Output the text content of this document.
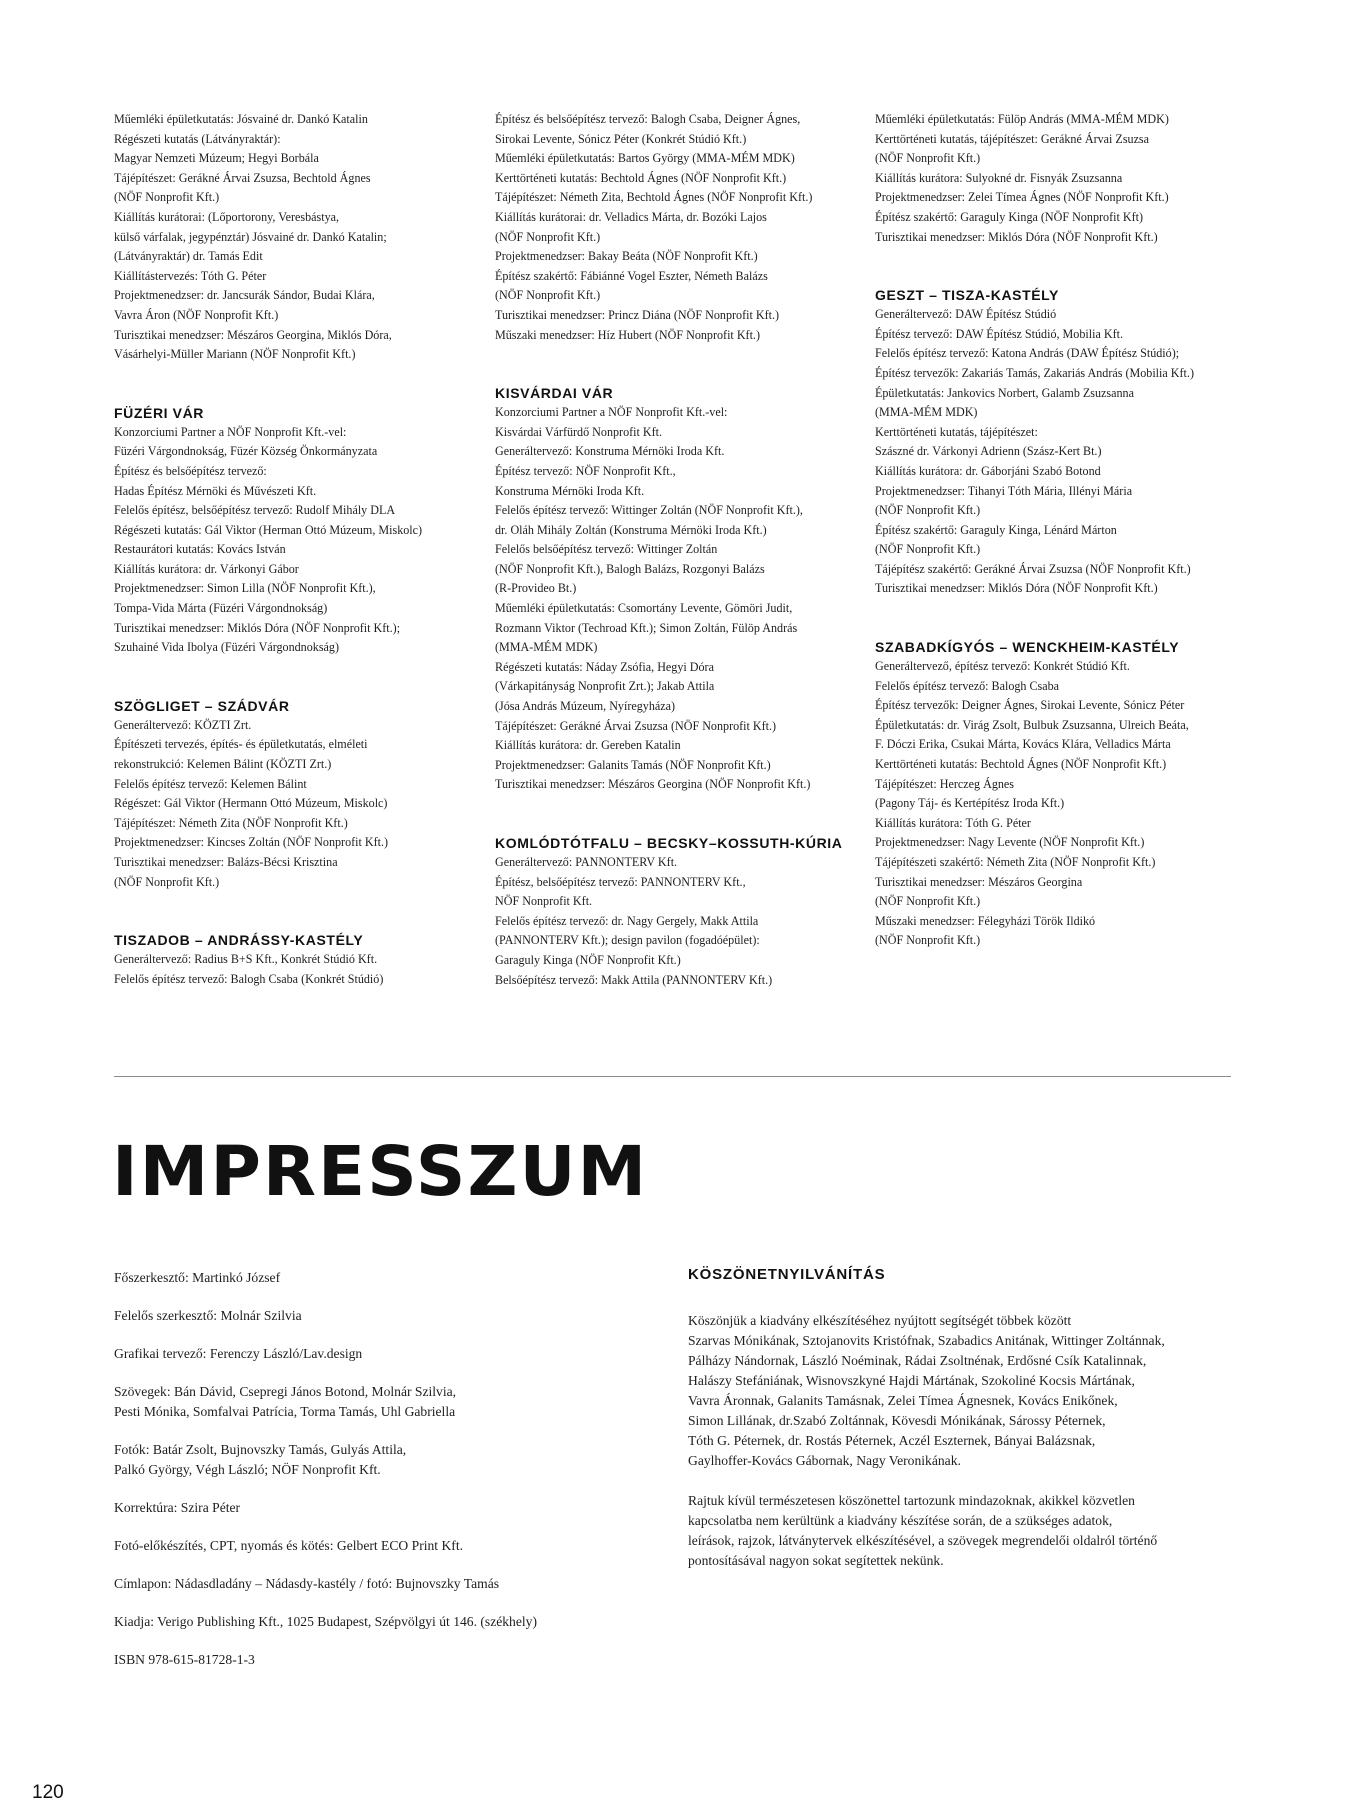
Műemléki épületkutatás: Jósvainé dr. Dankó Katalin
Régészeti kutatás (Látványraktár):
Magyar Nemzeti Múzeum; Hegyi Borbála
Tájépítészet: Gerákné Árvai Zsuzsa, Bechtold Ágnes
(NÖF Nonprofit Kft.)
Kiállítás kurátorai: (Lőportorony, Veresbástya,
külső várfalak, jegypénztár) Jósvainé dr. Dankó Katalin;
(Látványraktár) dr. Tamás Edit
Kiállítástervezés: Tóth G. Péter
Projektmenedzser: dr. Jancsurák Sándor, Budai Klára,
Vavra Áron (NÖF Nonprofit Kft.)
Turisztikai menedzser: Mészáros Georgina, Miklós Dóra,
Vásárhelyi-Müller Mariann (NÖF Nonprofit Kft.)
FÜZÉRI VÁR
Konzorciumi Partner a NÖF Nonprofit Kft.-vel:
Füzéri Várgondnokság, Füzér Község Önkormányzata
Építész és belsőépítész tervező:
Hadas Építész Mérnöki és Művészeti Kft.
Felelős építész, belsőépítész tervező: Rudolf Mihály DLA
Régészeti kutatás: Gál Viktor (Herman Ottó Múzeum, Miskolc)
Restaurátori kutatás: Kovács István
Kiállítás kurátora: dr. Várkonyi Gábor
Projektmenedzser: Simon Lilla (NÖF Nonprofit Kft.),
Tompa-Vida Márta (Füzéri Várgondnokság)
Turisztikai menedzser: Miklós Dóra (NÖF Nonprofit Kft.);
Szuhainé Vida Ibolya (Füzéri Várgondnokság)
SZÖGLIGET – SZÁDVÁR
Generáltervező: KÖZTI Zrt.
Építészeti tervezés, építés- és épületkutatás, elméleti
rekonstrukció: Kelemen Bálint (KÖZTI Zrt.)
Felelős építész tervező: Kelemen Bálint
Régészet: Gál Viktor (Hermann Ottó Múzeum, Miskolc)
Tájépítészet: Németh Zita (NÖF Nonprofit Kft.)
Projektmenedzser: Kincses Zoltán (NÖF Nonprofit Kft.)
Turisztikai menedzser: Balázs-Bécsi Krisztina
(NÖF Nonprofit Kft.)
TISZADOB – ANDRÁSSY-KASTÉLY
Generáltervező: Radius B+S Kft., Konkrét Stúdió Kft.
Felelős építész tervező: Balogh Csaba (Konkrét Stúdió)
Építész és belsőépítész tervező: Balogh Csaba, Deigner Ágnes,
Sirokai Levente, Sónicz Péter (Konkrét Stúdió Kft.)
Műemléki épületkutatás: Bartos György (MMA-MÉM MDK)
Kerttörténeti kutatás: Bechtold Ágnes (NÖF Nonprofit Kft.)
Tájépítészet: Németh Zita, Bechtold Ágnes (NÖF Nonprofit Kft.)
Kiállítás kurátorai: dr. Velladics Márta, dr. Bozóki Lajos
(NÖF Nonprofit Kft.)
Projektmenedzser: Bakay Beáta (NÖF Nonprofit Kft.)
Építész szakértő: Fábiánné Vogel Eszter, Németh Balázs
(NÖF Nonprofit Kft.)
Turisztikai menedzser: Princz Diána (NÖF Nonprofit Kft.)
Műszaki menedzser: Híz Hubert (NÖF Nonprofit Kft.)
KISVÁRDAI VÁR
Konzorciumi Partner a NÖF Nonprofit Kft.-vel:
Kisvárdai Várfürdő Nonprofit Kft.
Generáltervező: Konstruma Mérnöki Iroda Kft.
Építész tervező: NÖF Nonprofit Kft.,
Konstruma Mérnöki Iroda Kft.
Felelős építész tervező: Wittinger Zoltán (NÖF Nonprofit Kft.),
dr. Oláh Mihály Zoltán (Konstruma Mérnöki Iroda Kft.)
Felelős belsőépítész tervező: Wittinger Zoltán
(NÖF Nonprofit Kft.), Balogh Balázs, Rozgonyi Balázs
(R-Provideo Bt.)
Műemléki épületkutatás: Csomortány Levente, Gömöri Judit,
Rozmann Viktor (Techroad Kft.); Simon Zoltán, Fülöp András
(MMA-MÉM MDK)
Régészeti kutatás: Náday Zsófia, Hegyi Dóra
(Várkapitányság Nonprofit Zrt.); Jakab Attila
(Jósa András Múzeum, Nyíregyháza)
Tájépítészet: Gerákné Árvai Zsuzsa (NÖF Nonprofit Kft.)
Kiállítás kurátora: dr. Gereben Katalin
Projektmenedzser: Galanits Tamás (NÖF Nonprofit Kft.)
Turisztikai menedzser: Mészáros Georgina (NÖF Nonprofit Kft.)
KOMLÓDTÓTFALU – BECSKY–KOSSUTH-KÚRIA
Generáltervező: PANNONTERV Kft.
Építész, belsőépítész tervező: PANNONTERV Kft.,
NÖF Nonprofit Kft.
Felelős építész tervező: dr. Nagy Gergely, Makk Attila
(PANNONTERV Kft.); design pavilon (fogadóépület):
Garaguly Kinga (NÖF Nonprofit Kft.)
Belsőépítész tervező: Makk Attila (PANNONTERV Kft.)
Műemléki épületkutatás: Fülöp András (MMA-MÉM MDK)
Kerttörténeti kutatás, tájépítészet: Gerákné Árvai Zsuzsa
(NÖF Nonprofit Kft.)
Kiállítás kurátora: Sulyokné dr. Fisnyák Zsuzsanna
Projektmenedzser: Zelei Tímea Ágnes (NÖF Nonprofit Kft.)
Építész szakértő: Garaguly Kinga (NÖF Nonprofit Kft)
Turisztikai menedzser: Miklós Dóra (NÖF Nonprofit Kft.)
GESZT – TISZA-KASTÉLY
Generáltervező: DAW Építész Stúdió
Építész tervező: DAW Építész Stúdió, Mobilia Kft.
Felelős építész tervező: Katona András (DAW Építész Stúdió);
Építész tervezők: Zakariás Tamás, Zakariás András (Mobilia Kft.)
Épületkutatás: Jankovics Norbert, Galamb Zsuzsanna
(MMA-MÉM MDK)
Kerttörténeti kutatás, tájépítészet:
Szászné dr. Várkonyi Adrienn (Szász-Kert Bt.)
Kiállítás kurátora: dr. Gáborjáni Szabó Botond
Projektmenedzser: Tihanyi Tóth Mária, Illényi Mária
(NÖF Nonprofit Kft.)
Építész szakértő: Garaguly Kinga, Lénárd Márton
(NÖF Nonprofit Kft.)
Tájépítész szakértő: Gerákné Árvai Zsuzsa (NÖF Nonprofit Kft.)
Turisztikai menedzser: Miklós Dóra (NÖF Nonprofit Kft.)
SZABADKÍGYÓS – WENCKHEIM-KASTÉLY
Generáltervező, építész tervező: Konkrét Stúdió Kft.
Felelős építész tervező: Balogh Csaba
Építész tervezők: Deigner Ágnes, Sirokai Levente, Sónicz Péter
Épületkutatás: dr. Virág Zsolt, Bulbuk Zsuzsanna, Ulreich Beáta,
F. Dóczi Erika, Csukai Márta, Kovács Klára, Velladics Márta
Kerttörténeti kutatás: Bechtold Ágnes (NÖF Nonprofit Kft.)
Tájépítészet: Herczeg Ágnes
(Pagony Táj- és Kertépítész Iroda Kft.)
Kiállítás kurátora: Tóth G. Péter
Projektmenedzser: Nagy Levente (NÖF Nonprofit Kft.)
Tájépítészeti szakértő: Németh Zita (NÖF Nonprofit Kft.)
Turisztikai menedzser: Mészáros Georgina
(NÖF Nonprofit Kft.)
Műszaki menedzser: Félegyházi Török Ildikó
(NÖF Nonprofit Kft.)
IMPRESSZUM
Főszerkesztő: Martinkó József
Felelős szerkesztő: Molnár Szilvia
Grafikai tervező: Ferenczy László/Lav.design
Szövegek: Bán Dávid, Csepregi János Botond, Molnár Szilvia,
Pesti Mónika, Somfalvai Patrícia, Torma Tamás, Uhl Gabriella
Fotók: Batár Zsolt, Bujnovszky Tamás, Gulyás Attila,
Palkó György, Végh László; NÖF Nonprofit Kft.
Korrektúra: Szira Péter
Fotó-előkészítés, CPT, nyomás és kötés: Gelbert ECO Print Kft.
Címlapon: Nádasdladány – Nádasdy-kastély / fotó: Bujnovszky Tamás
Kiadja: Verigo Publishing Kft., 1025 Budapest, Szépvölgyi út 146. (székhely)
ISBN 978-615-81728-1-3
KÖSZÖNETNYILVÁNÍTÁS
Köszönjük a kiadvány elkészítéséhez nyújtott segítségét többek között
Szarvas Mónikának, Sztojanovits Kristófnak, Szabadics Anitának, Wittinger Zoltánnak,
Pálházy Nándornak, László Noéminak, Rádai Zsoltnénak, Erdősné Csík Katalinnak,
Halászy Stefániának, Wisnovszkyné Hajdi Mártának, Szokoliné Kocsis Mártának,
Vavra Áronnak, Galanits Tamásnak, Zelei Tímea Ágnesnek, Kovács Enikőnek,
Simon Lillának, dr.Szabó Zoltánnak, Kövesdi Mónikának, Sárossy Péternek,
Tóth G. Péternek, dr. Rostás Péternek, Aczél Eszternek, Bányai Balázsnak,
Gaylhoffer-Kovács Gábornak, Nagy Veronikának.
Rajtuk kívül természetesen köszönettel tartozunk mindazoknak, akikkel közvetlen
kapcsolatba nem kerültünk a kiadvány készítése során, de a szükséges adatok,
leírások, rajzok, látványtervek elkészítésével, a szövegek megrendelői oldalról történő
pontosításával nagyon sokat segítettek nekünk.
120
